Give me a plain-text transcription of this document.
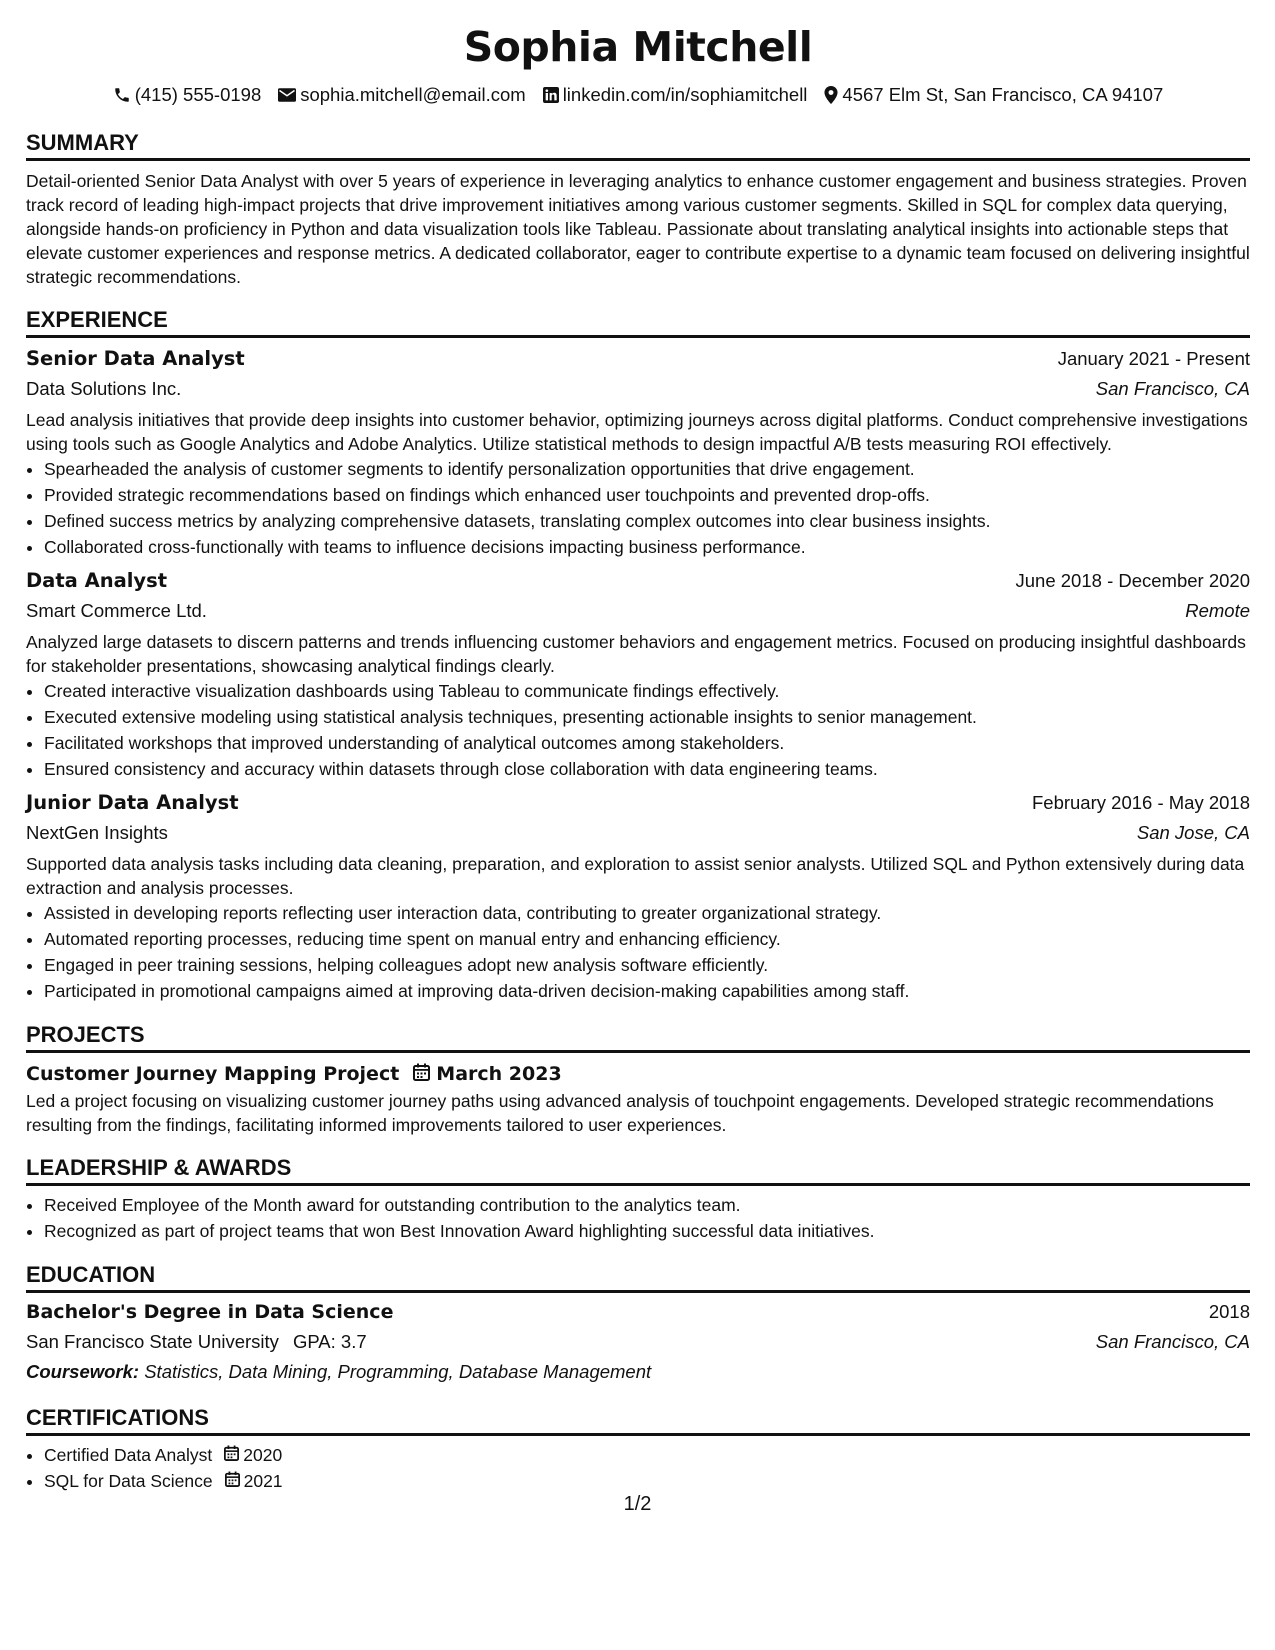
Sophia Mitchell
(415) 555-0198 sophia.mitchell@email.com linkedin.com/in/sophiamitchell 4567 Elm St, San Francisco, CA 94107
SUMMARY

Detail-oriented Senior Data Analyst with over 5 years of experience in leveraging analytics to enhance customer engagement and business strategies. Proven track record of leading high-impact projects that drive improvement initiatives among various customer segments. Skilled in SQL for complex data querying, alongside hands-on proficiency in Python and data visualization tools like Tableau. Passionate about translating analytical insights into actionable steps that elevate customer experiences and response metrics. A dedicated collaborator, eager to contribute expertise to a dynamic team focused on delivering insightful strategic recommendations.

EXPERIENCE
Senior Data Analyst	January 2021 - Present
Data Solutions Inc.	San Francisco, CA

Lead analysis initiatives that provide deep insights into customer behavior, optimizing journeys across digital platforms. Conduct comprehensive investigations using tools such as Google Analytics and Adobe Analytics. Utilize statistical methods to design impactful A/B tests measuring ROI effectively.

• Spearheaded the analysis of customer segments to identify personalization opportunities that drive engagement.
• Provided strategic recommendations based on findings which enhanced user touchpoints and prevented drop-offs.
• Defined success metrics by analyzing comprehensive datasets, translating complex outcomes into clear business insights.
• Collaborated cross-functionally with teams to influence decisions impacting business performance.
Data Analyst	June 2018 - December 2020
Smart Commerce Ltd.	Remote

Analyzed large datasets to discern patterns and trends influencing customer behaviors and engagement metrics. Focused on producing insightful dashboards for stakeholder presentations, showcasing analytical findings clearly.

• Created interactive visualization dashboards using Tableau to communicate findings effectively.
• Executed extensive modeling using statistical analysis techniques, presenting actionable insights to senior management.
• Facilitated workshops that improved understanding of analytical outcomes among stakeholders.
• Ensured consistency and accuracy within datasets through close collaboration with data engineering teams.
Junior Data Analyst	February 2016 - May 2018
NextGen Insights	San Jose, CA

Supported data analysis tasks including data cleaning, preparation, and exploration to assist senior analysts. Utilized SQL and Python extensively during data extraction and analysis processes.

• Assisted in developing reports reflecting user interaction data, contributing to greater organizational strategy.
• Automated reporting processes, reducing time spent on manual entry and enhancing efficiency.
• Engaged in peer training sessions, helping colleagues adopt new analysis software efficiently.
• Participated in promotional campaigns aimed at improving data-driven decision-making capabilities among staff.
PROJECTS
Customer Journey Mapping Project March 2023

Led a project focusing on visualizing customer journey paths using advanced analysis of touchpoint engagements. Developed strategic recommendations resulting from the findings, facilitating informed improvements tailored to user experiences.

LEADERSHIP & AWARDS
• Received Employee of the Month award for outstanding contribution to the analytics team.
• Recognized as part of project teams that won Best Innovation Award highlighting successful data initiatives.
EDUCATION
Bachelor's Degree in Data Science	2018
San Francisco State University GPA: 3.7	San Francisco, CA
Coursework: Statistics, Data Mining, Programming, Database Management
CERTIFICATIONS
• Certified Data Analyst 2020
• SQL for Data Science 2021
1/2
